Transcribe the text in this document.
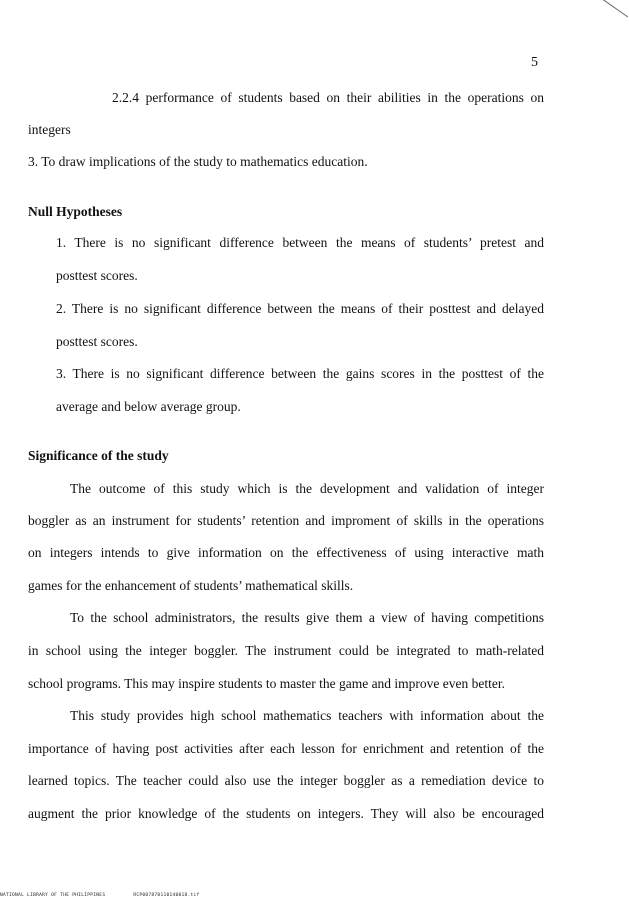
5
2.2.4 performance of students based on their abilities in the operations on
integers
3. To draw implications of the study to mathematics education.
Null Hypotheses
1. There is no significant difference between the means of students’ pretest and
posttest scores.
2. There is no significant difference between the means of their posttest and delayed
posttest scores.
3. There is no significant difference between the gains scores in the posttest of the
average and below average group.
Significance of the study
The outcome of this study which is the development and validation of integer
boggler as an instrument for students’ retention and improment of skills in the operations
on integers intends to give information on the effectiveness of using interactive math
games for the enhancement of students’ mathematical skills.
To the school administrators, the results give them a view of having competitions
in school using the integer boggler. The instrument could be integrated to math-related
school programs. This may inspire students to master the game and improve even better.
This study provides high school mathematics teachers with information about the
importance of having post activities after each lesson for enrichment and retention of the
learned topics. The teacher could also use the integer boggler as a remediation device to
augment the prior knowledge of the students on integers. They will also be encouraged
NATIONAL LIBRARY OF THE PHILIPPINES	RCP007870110140018.tif
